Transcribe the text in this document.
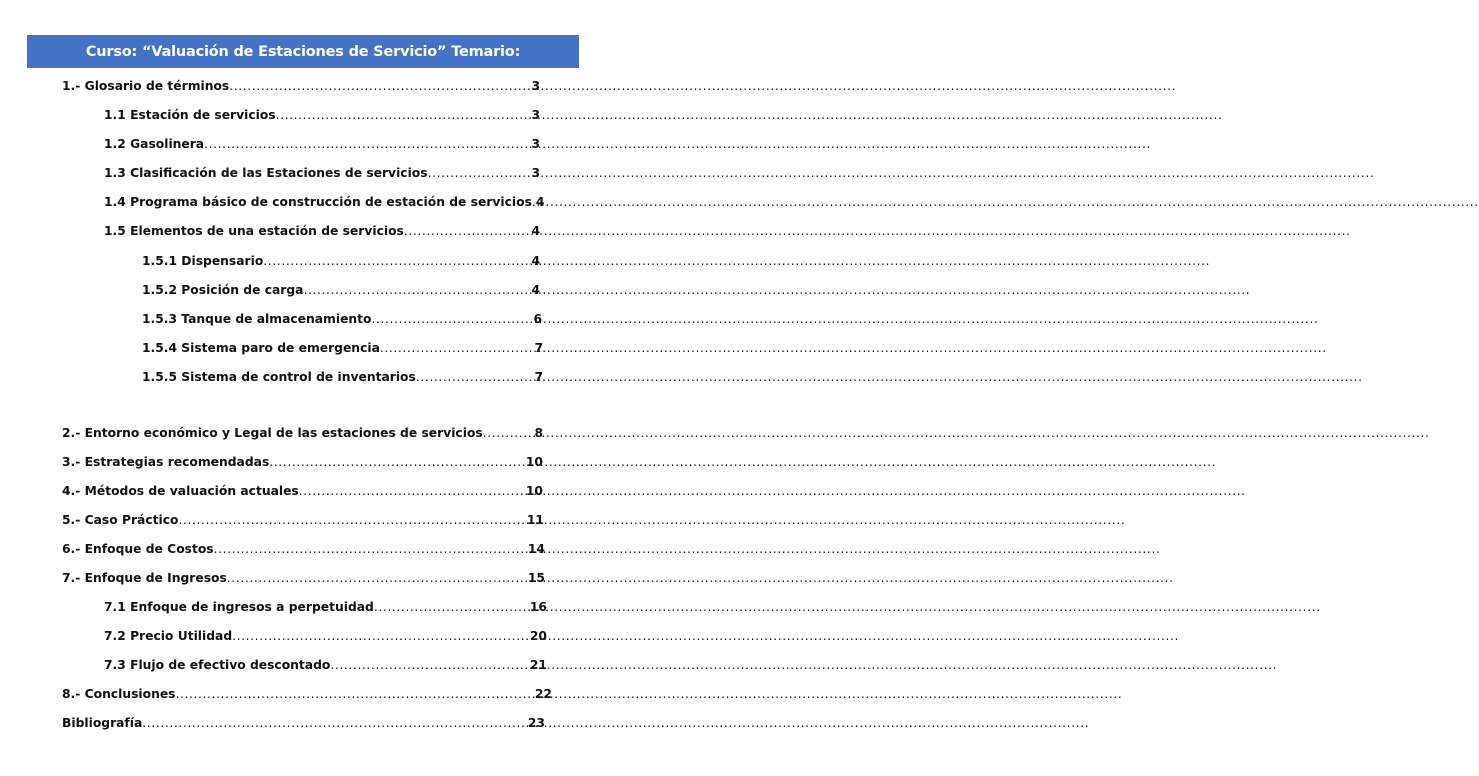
Curso: “Valuación de Estaciones de Servicio” Temario:
1.- Glosario de términos .....	3
1.1 Estación de servicios .....	3
1.2 Gasolinera .....	3
1.3 Clasificación de las Estaciones de servicios .....	3
1.4 Programa básico de construcción de estación de servicios ..... 4
1.5 Elementos de una estación de servicios .....	4
1.5.1 Dispensario .....	4
1.5.2 Posición de carga .....	4
1.5.3 Tanque de almacenamiento .....	6
1.5.4 Sistema paro de emergencia .....	7
1.5.5 Sistema de control de inventarios .....	7
2.- Entorno económico y Legal de las estaciones de servicios .....	8
3.- Estrategias recomendadas .....	10
4.- Métodos de valuación actuales .....	10
5.- Caso Práctico .....	11
6.- Enfoque de Costos .....	14
7.- Enfoque de Ingresos .....	15
7.1 Enfoque de ingresos a perpetuidad .....	16
7.2 Precio Utilidad .....	20
7.3 Flujo de efectivo descontado .....	21
8.- Conclusiones .....	22
Bibliografía .....	23
